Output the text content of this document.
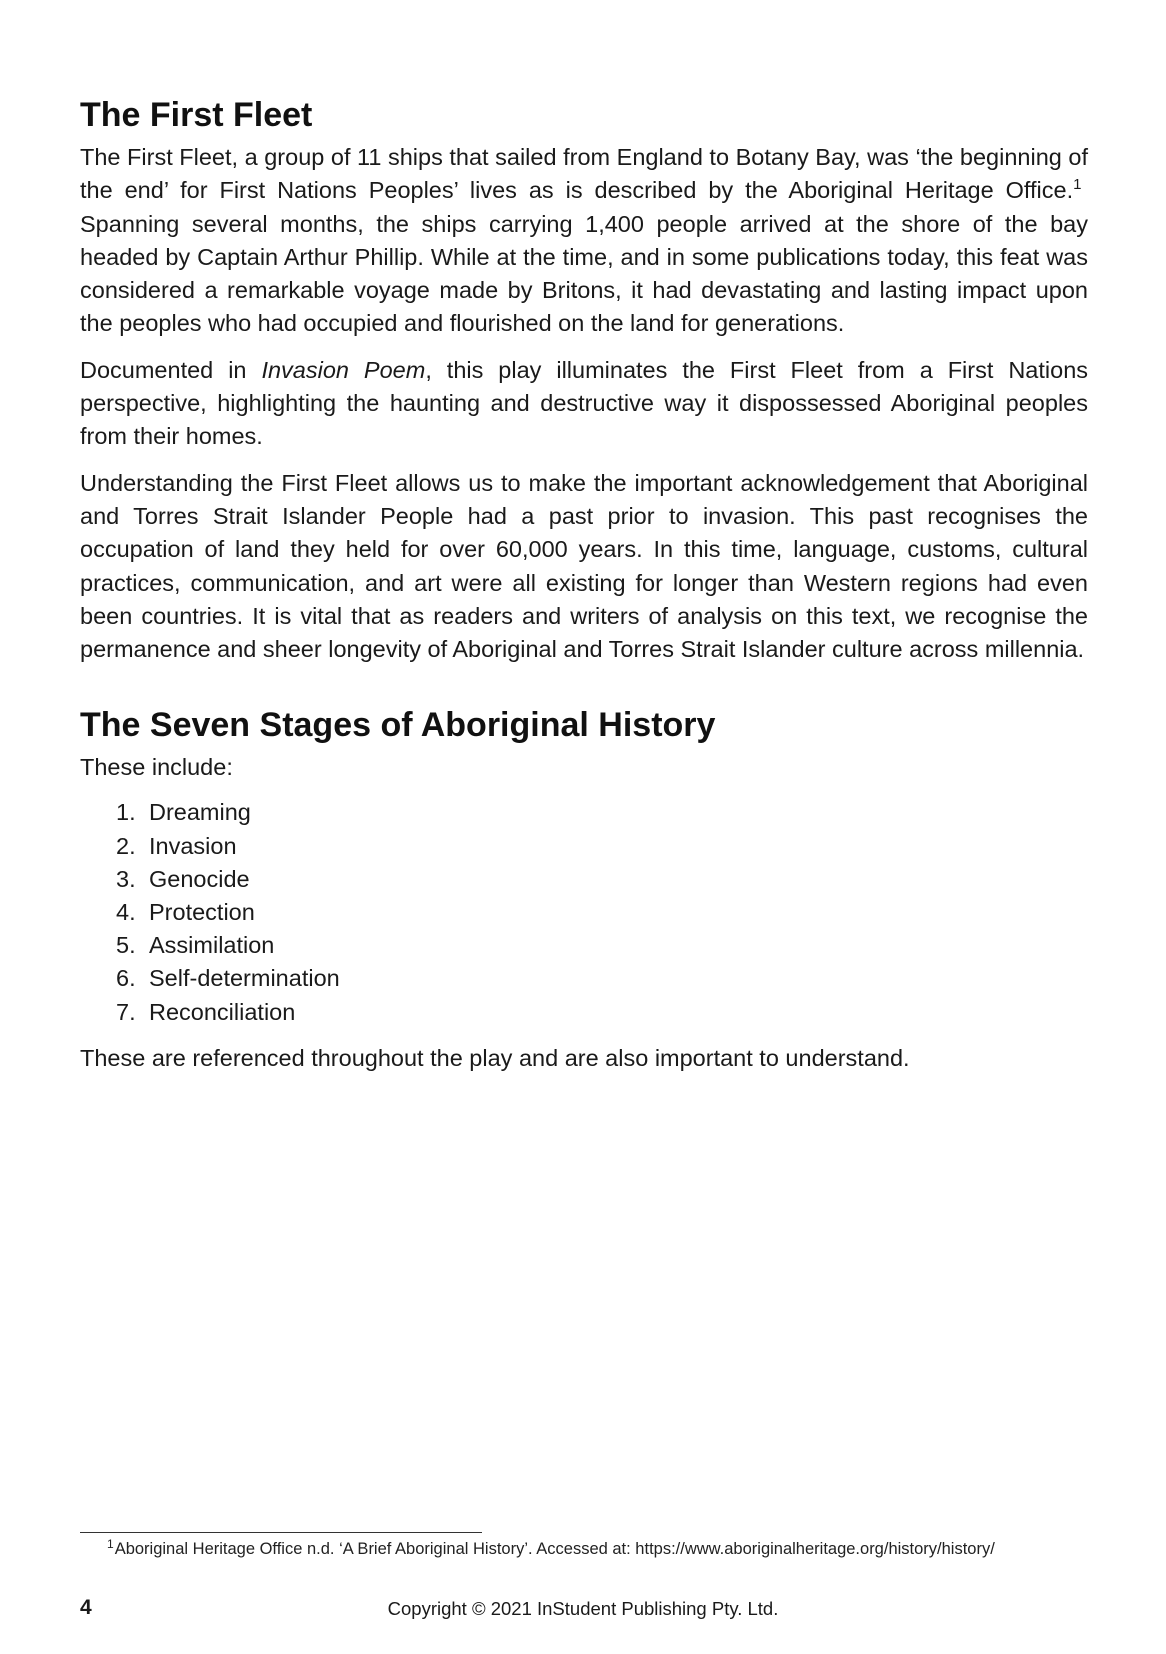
The First Fleet

The First Fleet, a group of 11 ships that sailed from England to Botany Bay, was ‘the beginning of the end’ for First Nations Peoples’ lives as is described by the Aboriginal Heritage Office.$^1$  Spanning several months, the ships carrying 1,400 people arrived at the shore of the bay headed by Captain Arthur Phillip. While at the time, and in some publications today, this feat was considered a remarkable voyage made by Britons, it had devastating and lasting impact upon the peoples who had occupied and flourished on the land for generations.

Documented in Invasion Poem, this play illuminates the First Fleet from a First Nations perspective, highlighting the haunting and destructive way it dispossessed Aboriginal peoples from their homes.

Understanding the First Fleet allows us to make the important acknowledgement that Aboriginal and Torres Strait Islander People had a past prior to invasion. This past recognises the occupation of land they held for over 60,000 years. In this time, language, customs, cultural practices, communication, and art were all existing for longer than Western regions had even been countries. It is vital that as readers and writers of analysis on this text, we recognise the permanence and sheer longevity of Aboriginal and Torres Strait Islander culture across millennia.

The Seven Stages of Aboriginal History

These include:

1. Dreaming
2. Invasion
3. Genocide
4. Protection
5. Assimilation
6. Self-determination
7. Reconciliation

These are referenced throughout the play and are also important to understand.

$^1$Aboriginal Heritage Office n.d. ‘A Brief Aboriginal History’. Accessed at: https://www.aboriginalheritage.org/history/history/
4	Copyright © 2021 InStudent Publishing Pty. Ltd.
